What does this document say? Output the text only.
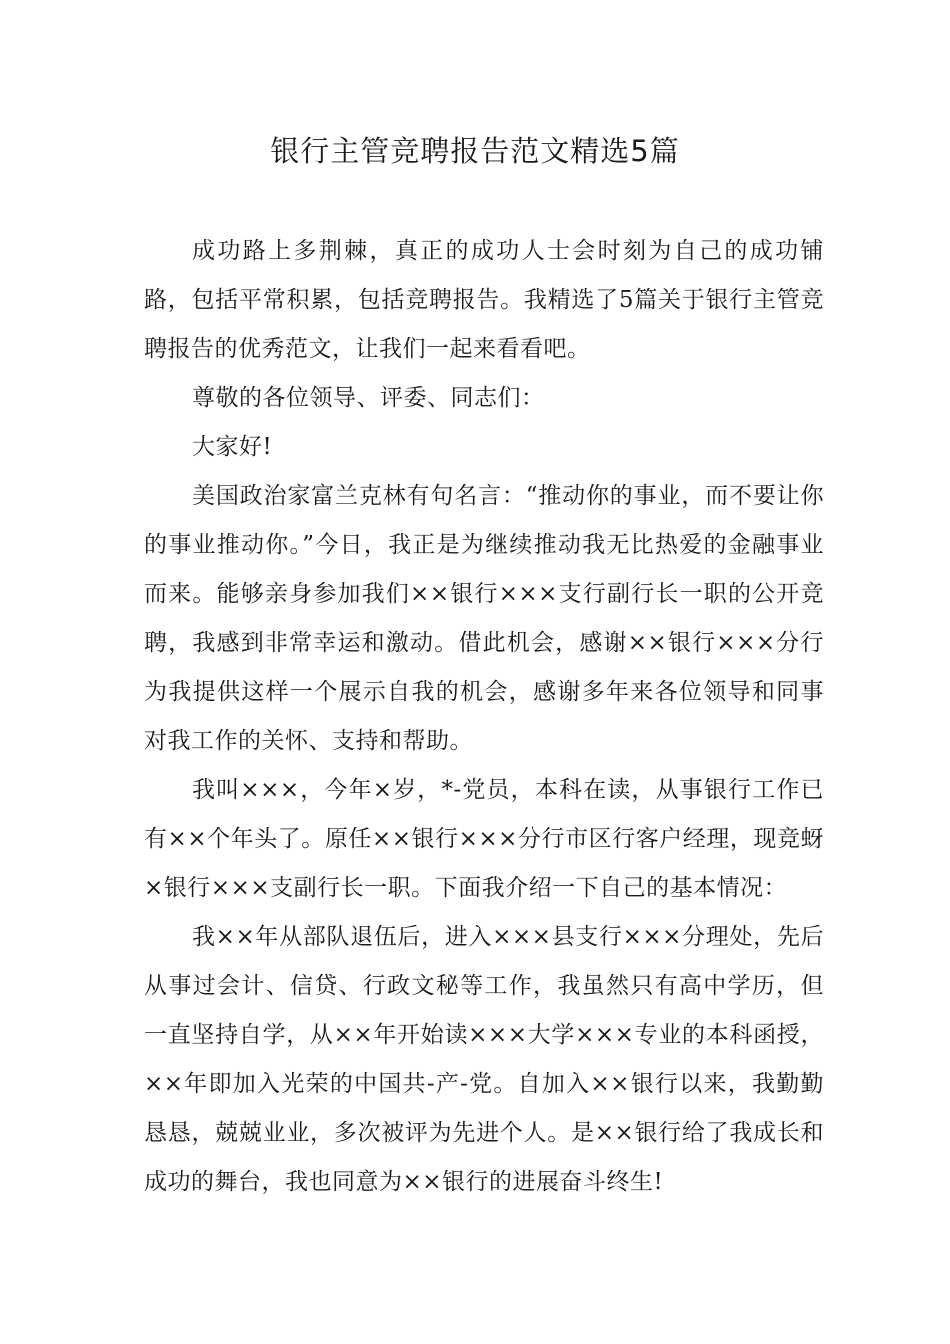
银行主管竞聘报告范文精选5篇

成功路上多荆棘，真正的成功人士会时刻为自己的成功铺路，包括平常积累，包括竞聘报告。我精选了5篇关于银行主管竞聘报告的优秀范文，让我们一起来看看吧。

尊敬的各位领导、评委、同志们：

大家好!

美国政治家富兰克林有句名言：“推动你的事业，而不要让你的事业推动你。”今日，我正是为继续推动我无比热爱的金融事业而来。能够亲身参加我们××银行×××支行副行长一职的公开竞聘，我感到非常幸运和激动。借此机会，感谢××银行×××分行为我提供这样一个展示自我的机会，感谢多年来各位领导和同事对我工作的关怀、支持和帮助。

我叫×××，今年×岁，*-党员，本科在读，从事银行工作已有××个年头了。原任××银行×××分行市区行客户经理，现竞蚜×银行×××支副行长一职。下面我介绍一下自己的基本情况：

我××年从部队退伍后，进入×××县支行×××分理处，先后从事过会计、信贷、行政文秘等工作，我虽然只有高中学历，但一直坚持自学，从××年开始读×××大学×××专业的本科函授，××年即加入光荣的中国共-产-党。自加入××银行以来，我勤勤恳恳，兢兢业业，多次被评为先进个人。是××银行给了我成长和成功的舞台，我也同意为××银行的进展奋斗终生!
